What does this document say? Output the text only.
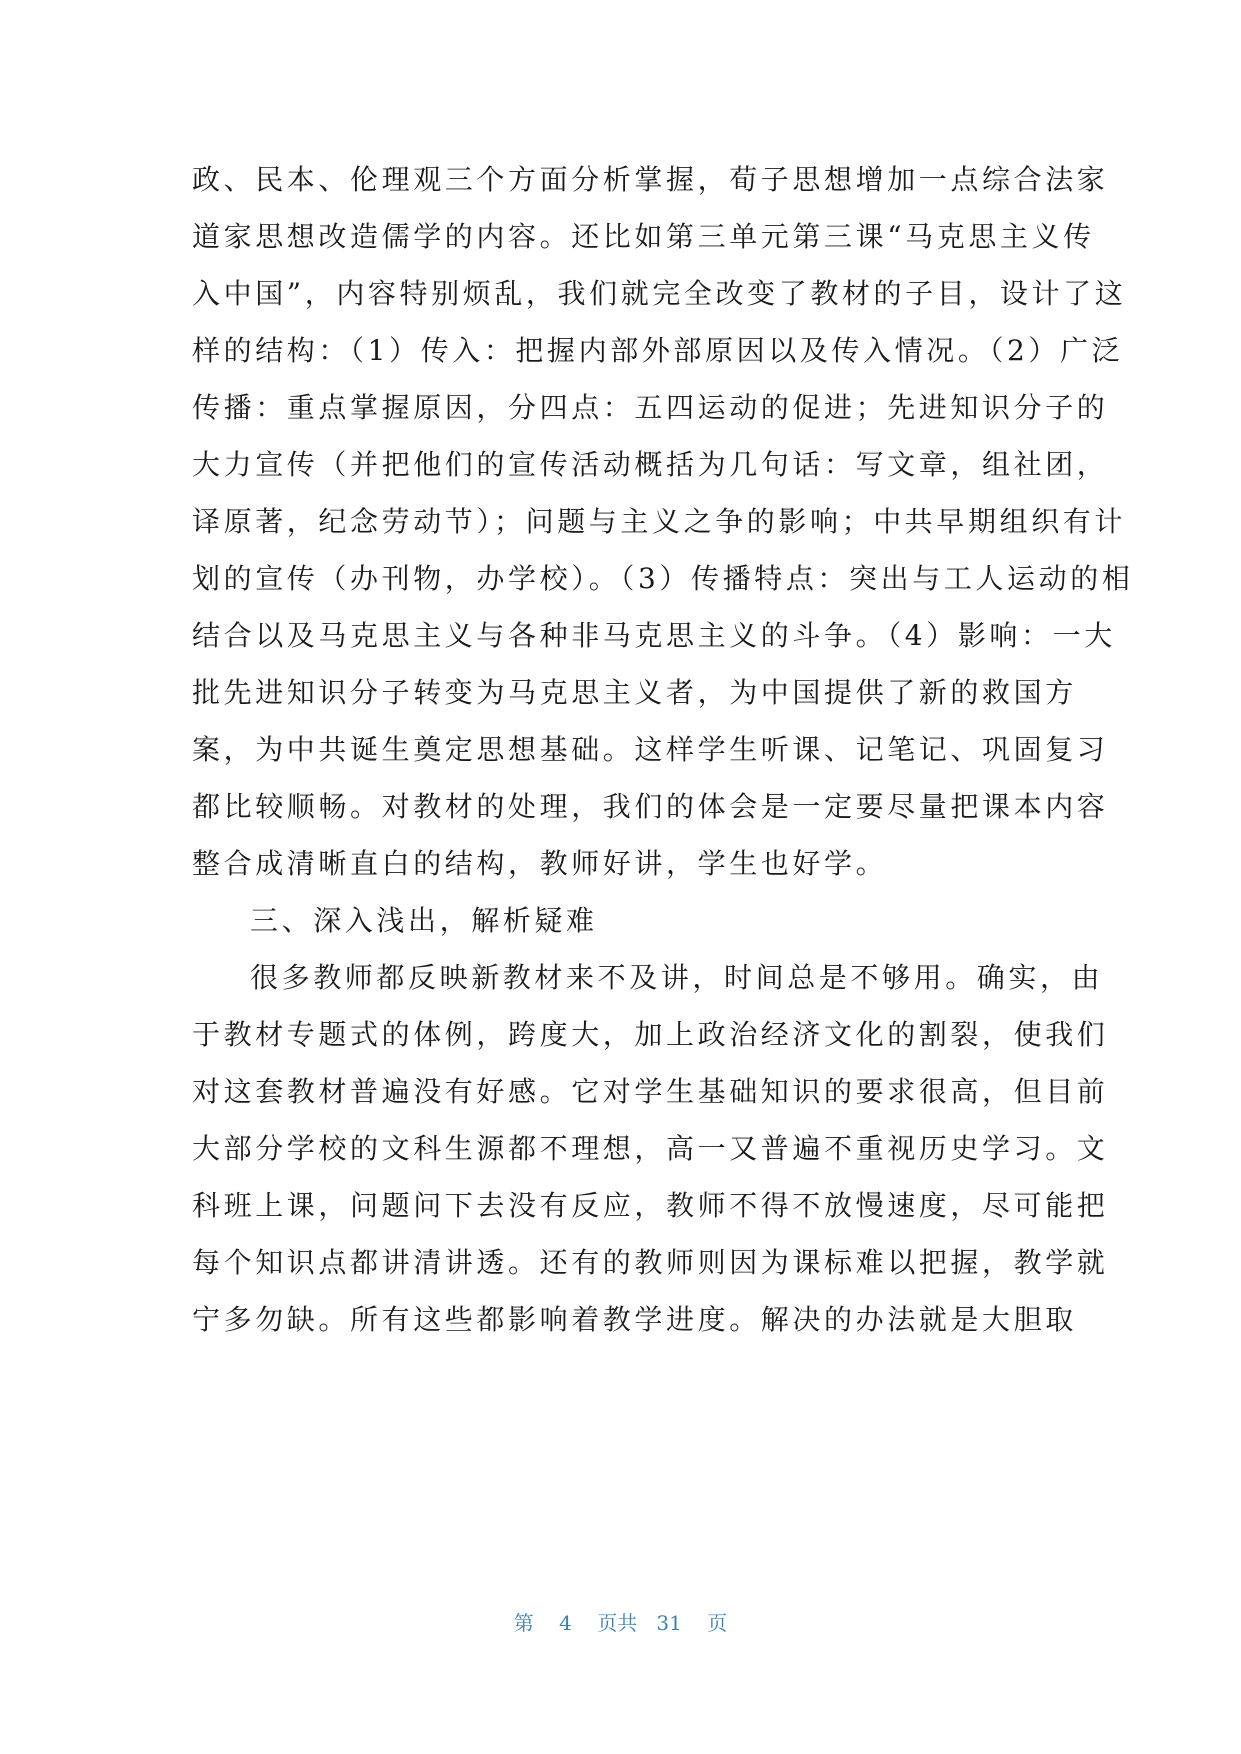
政、民本、伦理观三个方面分析掌握，荀子思想增加一点综合法家
道家思想改造儒学的内容。还比如第三单元第三课“马克思主义传
入中国”，内容特别烦乱，我们就完全改变了教材的子目，设计了这
样的结构：（1）传入：把握内部外部原因以及传入情况。（2）广泛
传播：重点掌握原因，分四点：五四运动的促进；先进知识分子的
大力宣传（并把他们的宣传活动概括为几句话：写文章，组社团，
译原著，纪念劳动节）；问题与主义之争的影响；中共早期组织有计
划的宣传（办刊物，办学校）。（3）传播特点：突出与工人运动的相
结合以及马克思主义与各种非马克思主义的斗争。（4）影响：一大
批先进知识分子转变为马克思主义者，为中国提供了新的救国方
案，为中共诞生奠定思想基础。这样学生听课、记笔记、巩固复习
都比较顺畅。对教材的处理，我们的体会是一定要尽量把课本内容
整合成清晰直白的结构，教师好讲，学生也好学。
三、深入浅出，解析疑难
很多教师都反映新教材来不及讲，时间总是不够用。确实，由
于教材专题式的体例，跨度大，加上政治经济文化的割裂，使我们
对这套教材普遍没有好感。它对学生基础知识的要求很高，但目前
大部分学校的文科生源都不理想，高一又普遍不重视历史学习。文
科班上课，问题问下去没有反应，教师不得不放慢速度，尽可能把
每个知识点都讲清讲透。还有的教师则因为课标难以把握，教学就
宁多勿缺。所有这些都影响着教学进度。解决的办法就是大胆取
第 4 页共 31 页
